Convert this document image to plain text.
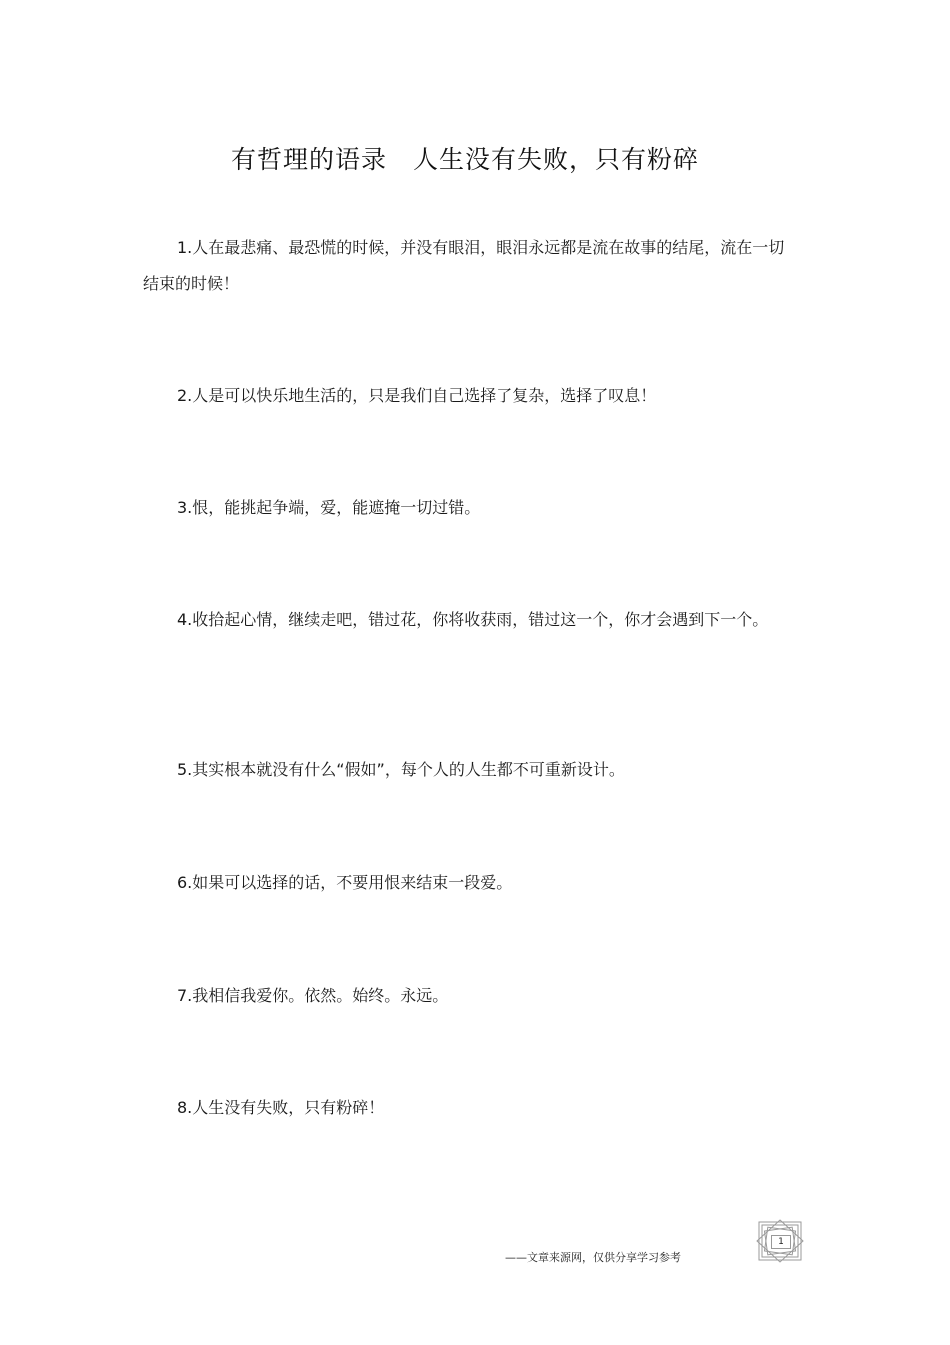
有哲理的语录　人生没有失败，只有粉碎
1.人在最悲痛、最恐慌的时候，并没有眼泪，眼泪永远都是流在故事的结尾，流在一切结束的时候！
2.人是可以快乐地生活的，只是我们自己选择了复杂，选择了叹息！
3.恨，能挑起争端，爱，能遮掩一切过错。
4.收拾起心情，继续走吧，错过花，你将收获雨，错过这一个，你才会遇到下一个。
5.其实根本就没有什么“假如”，每个人的人生都不可重新设计。
6.如果可以选择的话，不要用恨来结束一段爱。
7.我相信我爱你。依然。始终。永远。
8.人生没有失败，只有粉碎！
——文章来源网，仅供分享学习参考
1
